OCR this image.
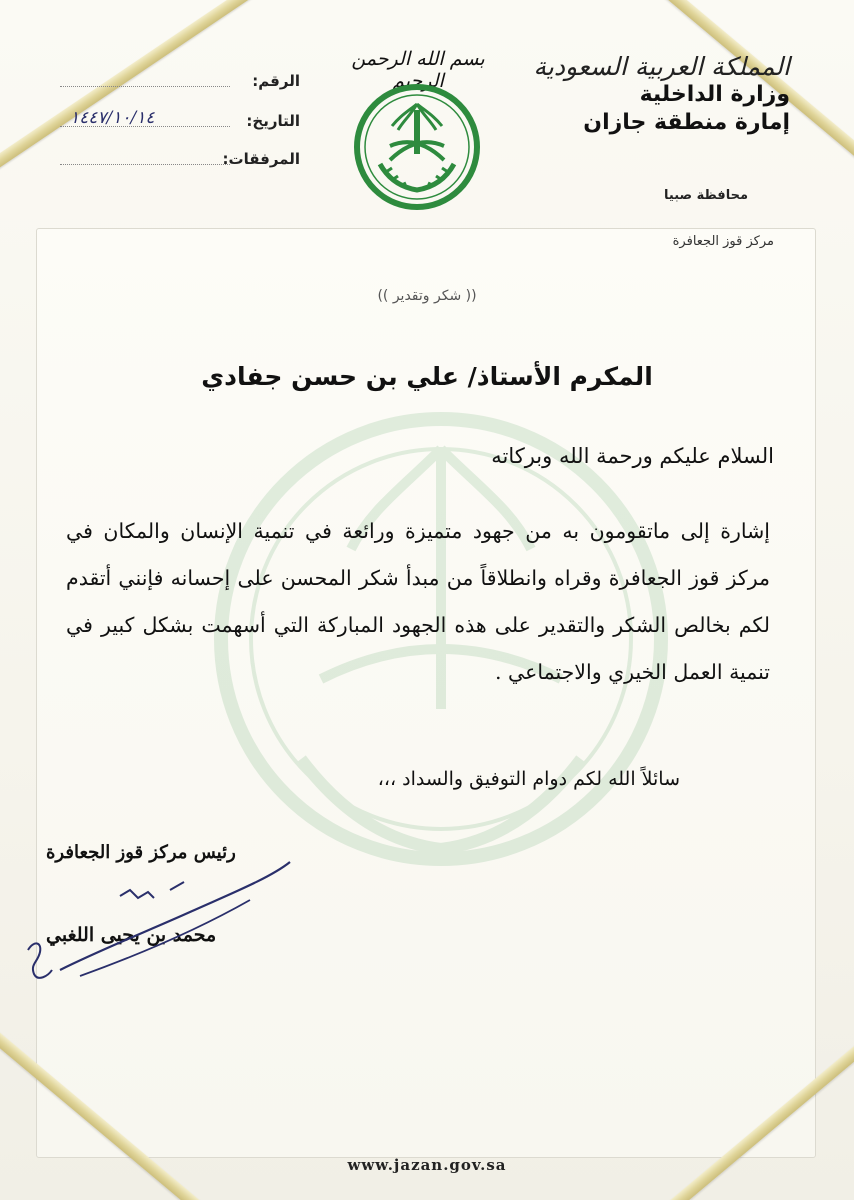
المملكة العربية السعودية
وزارة الداخلية
إمارة منطقة جازان
محافظة صبيا
مركز قوز الجعافرة
بسم الله الرحمن الرحيم
الرقم:
التاريخ:
١٤٤٧/١٠/١٤
المرفقات:
(( شكر وتقدير ))
المكرم الأستاذ/ علي بن حسن جفادي
السلام عليكم ورحمة الله وبركاته
إشارة إلى ماتقومون به من جهود متميزة ورائعة في تنمية الإنسان والمكان في مركز قوز الجعافرة وقراه وانطلاقاً من مبدأ شكر المحسن على إحسانه فإنني أتقدم لكم بخالص الشكر والتقدير على هذه الجهود المباركة التي أسهمت بشكل كبير في تنمية العمل الخيري والاجتماعي .
سائلاً الله لكم دوام التوفيق والسداد ،،،
رئيس مركز قوز الجعافرة
محمد بن يحيى اللغبي
www.jazan.gov.sa
